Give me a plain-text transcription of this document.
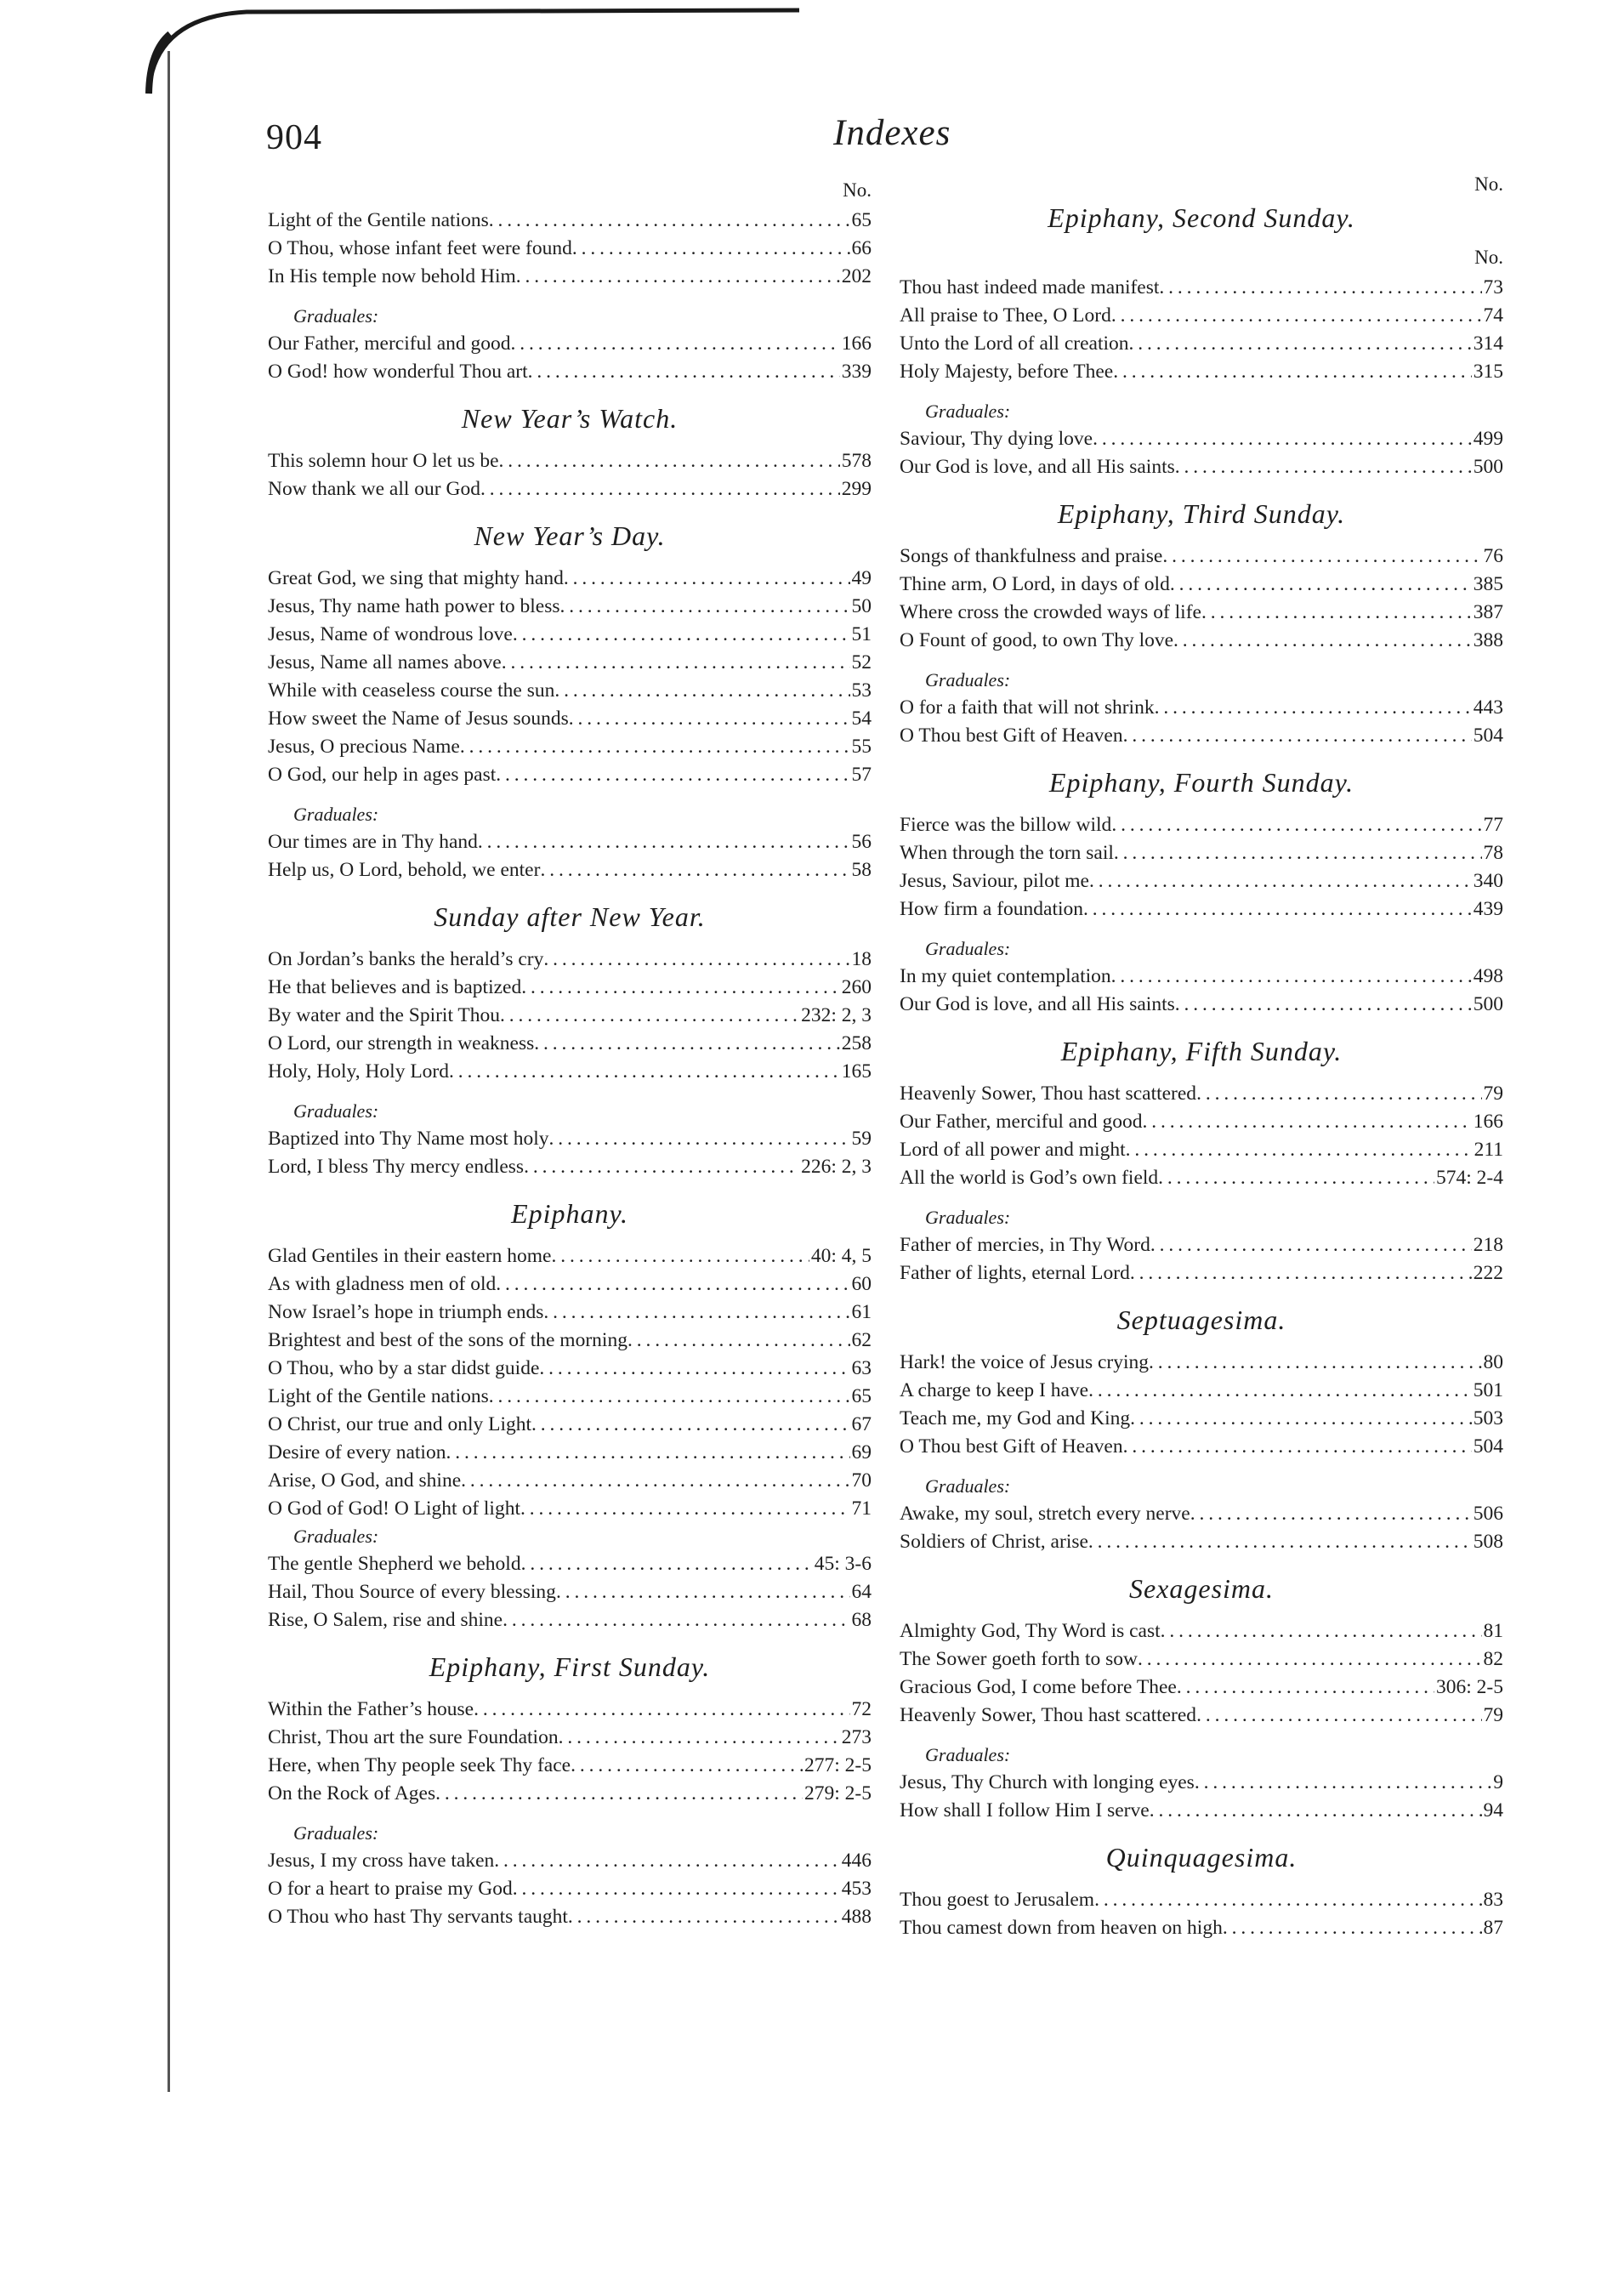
904	Indexes
No.
Light of the Gentile nations . . .	65
O Thou, whose infant feet were found . . .	66
In His temple now behold Him . . .	202
Graduales:
Our Father, merciful and good . . .	166
O God! how wonderful Thou art . . .	339
New Year’s Watch.
This solemn hour O let us be . . .	578
Now thank we all our God . . .	299
New Year’s Day.
Great God, we sing that mighty hand . . .	49
Jesus, Thy name hath power to bless . . .	50
Jesus, Name of wondrous love . . .	51
Jesus, Name all names above . . .	52
While with ceaseless course the sun . . .	53
How sweet the Name of Jesus sounds . . .	54
Jesus, O precious Name . . .	55
O God, our help in ages past . . .	57
Graduales:
Our times are in Thy hand . . .	56
Help us, O Lord, behold, we enter . . .	58
Sunday after New Year.
On Jordan’s banks the herald’s cry . . .	18
He that believes and is baptized . . .	260
By water and the Spirit Thou . . .	232: 2, 3
O Lord, our strength in weakness . . .	258
Holy, Holy, Holy Lord . . .	165
Graduales:
Baptized into Thy Name most holy . . .	59
Lord, I bless Thy mercy endless . . .	226: 2, 3
Epiphany.
Glad Gentiles in their eastern home . . .	40: 4, 5
As with gladness men of old . . .	60
Now Israel’s hope in triumph ends . . .	61
Brightest and best of the sons of the morning . . .	62
O Thou, who by a star didst guide . . .	63
Light of the Gentile nations . . .	65
O Christ, our true and only Light . . .	67
Desire of every nation . . .	69
Arise, O God, and shine . . .	70
O God of God! O Light of light . . .	71
Graduales:
The gentle Shepherd we behold . . .	45: 3-6
Hail, Thou Source of every blessing . . .	64
Rise, O Salem, rise and shine . . .	68
Epiphany, First Sunday.
Within the Father’s house . . .	72
Christ, Thou art the sure Foundation . . .	273
Here, when Thy people seek Thy face . . .	277: 2-5
On the Rock of Ages . . .	279: 2-5
Graduales:
Jesus, I my cross have taken . . .	446
O for a heart to praise my God . . .	453
O Thou who hast Thy servants taught . . .	488
No.
Epiphany, Second Sunday.
No.
Thou hast indeed made manifest . . .	73
All praise to Thee, O Lord . . .	74
Unto the Lord of all creation . . .	314
Holy Majesty, before Thee . . .	315
Graduales:
Saviour, Thy dying love . . .	499
Our God is love, and all His saints . . .	500
Epiphany, Third Sunday.
Songs of thankfulness and praise . . .	76
Thine arm, O Lord, in days of old . . .	385
Where cross the crowded ways of life . . .	387
O Fount of good, to own Thy love . . .	388
Graduales:
O for a faith that will not shrink . . .	443
O Thou best Gift of Heaven . . .	504
Epiphany, Fourth Sunday.
Fierce was the billow wild . . .	77
When through the torn sail . . .	78
Jesus, Saviour, pilot me . . .	340
How firm a foundation . . .	439
Graduales:
In my quiet contemplation . . .	498
Our God is love, and all His saints . . .	500
Epiphany, Fifth Sunday.
Heavenly Sower, Thou hast scattered . . .	79
Our Father, merciful and good . . .	166
Lord of all power and might . . .	211
All the world is God’s own field . . .	574: 2-4
Graduales:
Father of mercies, in Thy Word . . .	218
Father of lights, eternal Lord . . .	222
Septuagesima.
Hark! the voice of Jesus crying . . .	80
A charge to keep I have . . .	501
Teach me, my God and King . . .	503
O Thou best Gift of Heaven . . .	504
Graduales:
Awake, my soul, stretch every nerve . . .	506
Soldiers of Christ, arise . . .	508
Sexagesima.
Almighty God, Thy Word is cast . . .	81
The Sower goeth forth to sow . . .	82
Gracious God, I come before Thee . . .	306: 2-5
Heavenly Sower, Thou hast scattered . . .	79
Graduales:
Jesus, Thy Church with longing eyes . . .	9
How shall I follow Him I serve . . .	94
Quinquagesima.
Thou goest to Jerusalem . . .	83
Thou camest down from heaven on high . . .	87
